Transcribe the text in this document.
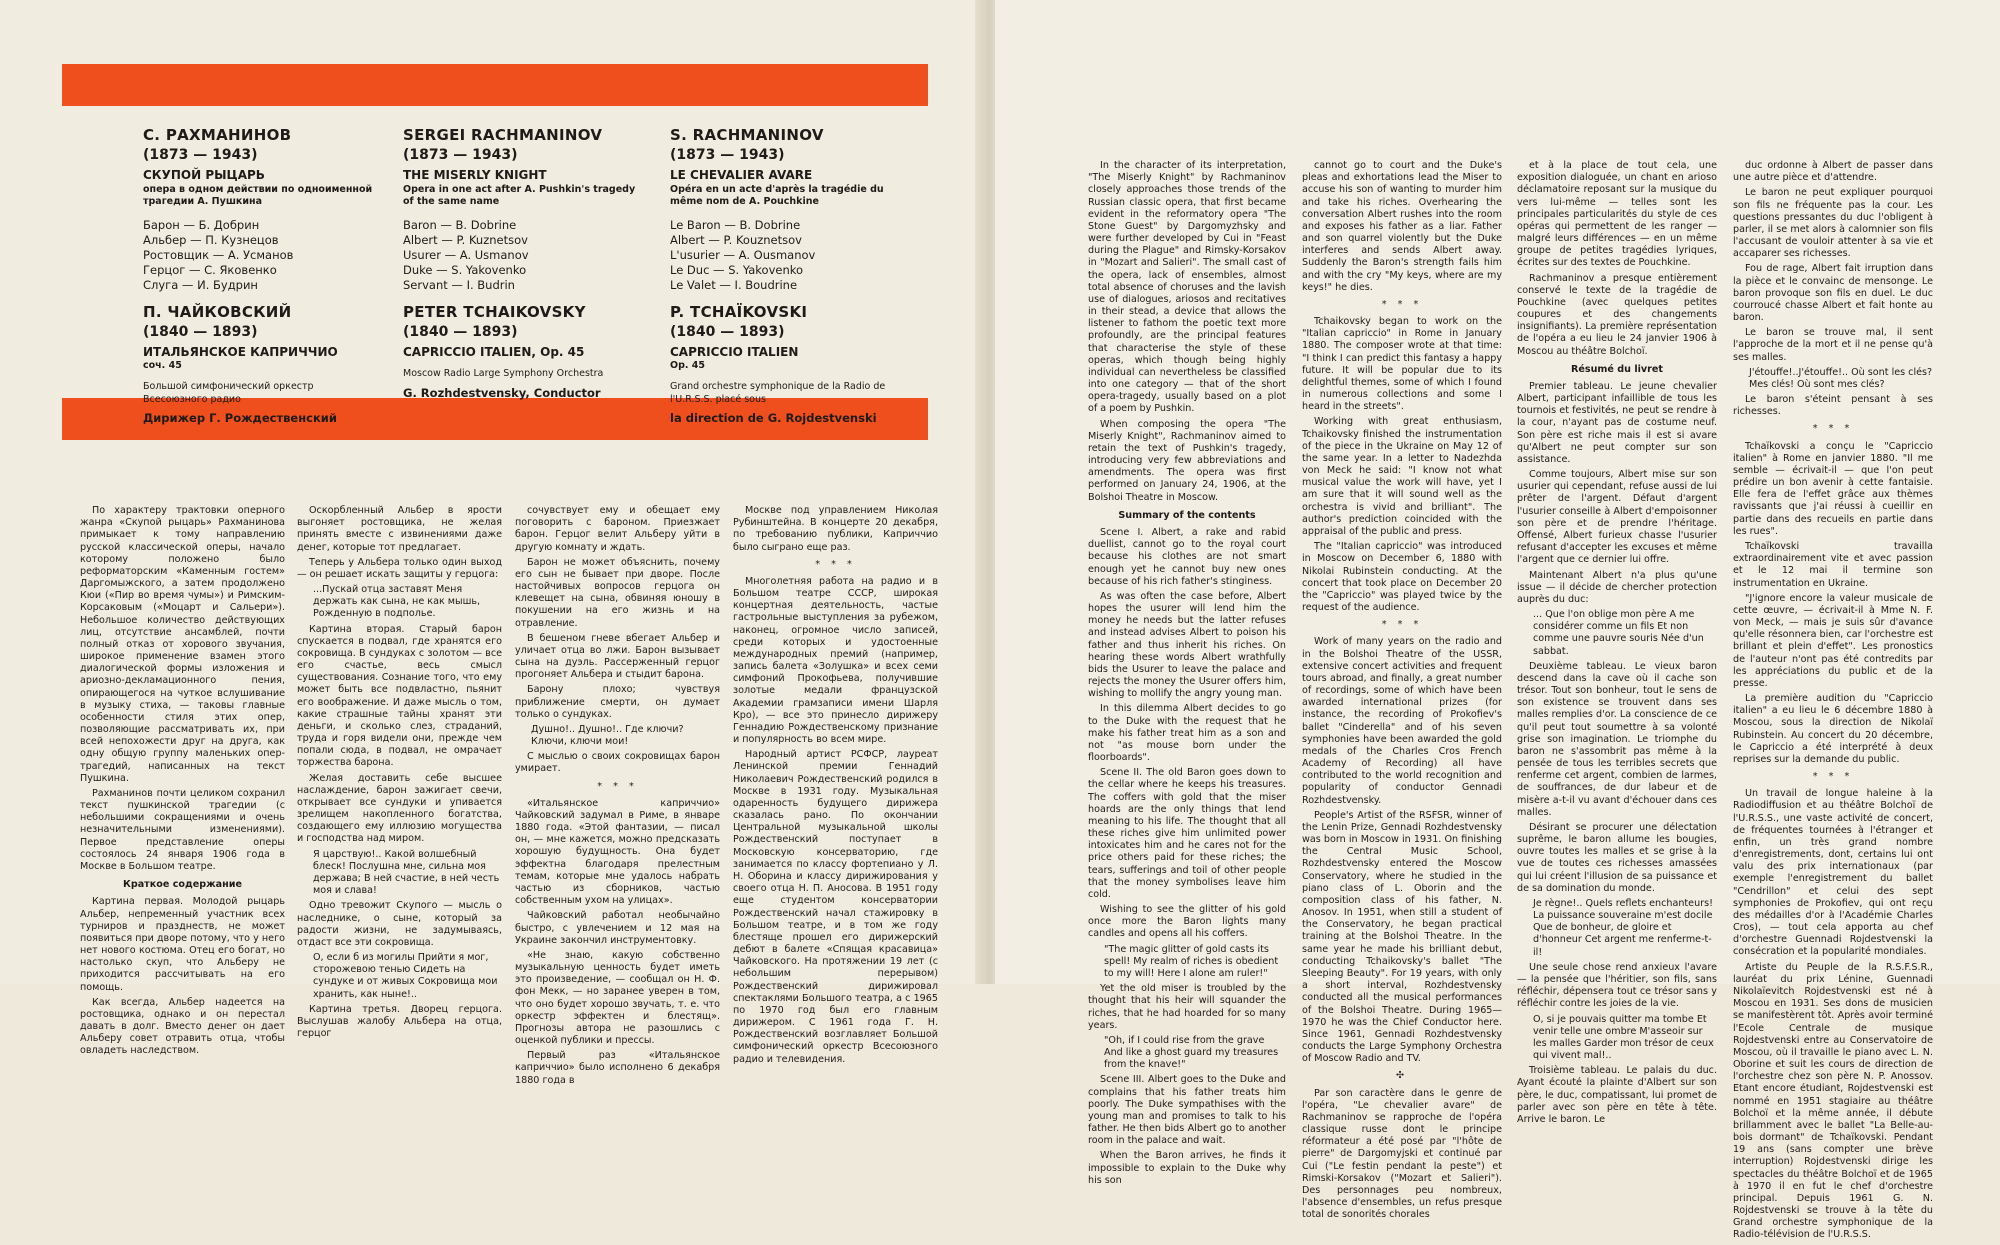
С. РАХМАНИНОВ
(1873 — 1943)
СКУПОЙ РЫЦАРЬ
опера в одном действии по одноименной трагедии А. Пушкина
Барон — Б. Добрин
Альбер — П. Кузнецов
Ростовщик — А. Усманов
Герцог — С. Яковенко
Слуга — И. Будрин
П. ЧАЙКОВСКИЙ
(1840 — 1893)
ИТАЛЬЯНСКОЕ КАПРИЧЧИО
соч. 45
Большой симфонический оркестр Всесоюзного радио
Дирижер Г. Рождественский
SERGEI RACHMANINOV
(1873 — 1943)
THE MISERLY KNIGHT
Opera in one act after A. Pushkin's tragedy of the same name
Baron — B. Dobrine
Albert — P. Kuznetsov
Usurer — A. Usmanov
Duke — S. Yakovenko
Servant — I. Budrin
PETER TCHAIKOVSKY
(1840 — 1893)
CAPRICCIO ITALIEN, Op. 45
Moscow Radio Large Symphony Orchestra
G. Rozhdestvensky, Conductor
S. RACHMANINOV
(1873 — 1943)
LE CHEVALIER AVARE
Opéra en un acte d'après la tragédie du même nom de A. Pouchkine
Le Baron — B. Dobrine
Albert — P. Kouznetsov
L'usurier — A. Ousmanov
Le Duc — S. Yakovenko
Le Valet — I. Boudrine
P. TCHAÏKOVSKI
(1840 — 1893)
CAPRICCIO ITALIEN
Op. 45
Grand orchestre symphonique de la Radio de l'U.R.S.S. placé sous
la direction de G. Rojdestvenski

По характеру трактовки оперного жанра «Скупой рыцарь» Рахманинова примыкает к тому направлению русской классической оперы, начало которому положено было реформаторским «Каменным гостем» Даргомыжского, а затем продолжено Кюи («Пир во время чумы») и Римским-Корсаковым («Моцарт и Сальери»). Небольшое количество действующих лиц, отсутствие ансамблей, почти полный отказ от хорового звучания, широкое применение взамен этого диалогической формы изложения и ариозно-декламационного пения, опирающегося на чуткое вслушивание в музыку стиха, — таковы главные особенности стиля этих опер, позволяющие рассматривать их, при всей непохожести друг на друга, как одну общую группу маленьких опер-трагедий, написанных на текст Пушкина.

Рахманинов почти целиком сохранил текст пушкинской трагедии (с небольшими сокращениями и очень незначительными изменениями). Первое представление оперы состоялось 24 января 1906 года в Москве в Большом театре.

Краткое содержание

Картина первая. Молодой рыцарь Альбер, непременный участник всех турниров и празднеств, не может появиться при дворе потому, что у него нет нового костюма. Отец его богат, но настолько скуп, что Альберу не приходится рассчитывать на его помощь.

Как всегда, Альбер надеется на ростовщика, однако и он перестал давать в долг. Вместо денег он дает Альберу совет отравить отца, чтобы овладеть наследством.

Оскорбленный Альбер в ярости выгоняет ростовщика, не желая принять вместе с извинениями даже денег, которые тот предлагает.

Теперь у Альбера только один выход — он решает искать защиты у герцога:

...Пускай отца заставят Меня держать как сына, не как мышь, Рожденную в подполье.

Картина вторая. Старый барон спускается в подвал, где хранятся его сокровища. В сундуках с золотом — все его счастье, весь смысл существования. Сознание того, что ему может быть все подвластно, пьянит его воображение. И даже мысль о том, какие страшные тайны хранят эти деньги, и сколько слез, страданий, труда и горя видели они, прежде чем попали сюда, в подвал, не омрачает торжества барона.

Желая доставить себе высшее наслаждение, барон зажигает свечи, открывает все сундуки и упивается зрелищем накопленного богатства, создающего ему иллюзию могущества и господства над миром.

Я царствую!.. Какой волшебный блеск! Послушна мне, сильна моя держава; В ней счастие, в ней честь моя и слава!

Одно тревожит Скупого — мысль о наследнике, о сыне, который за радости жизни, не задумываясь, отдаст все эти сокровища.

О, если б из могилы Прийти я мог, сторожевою тенью Сидеть на сундуке и от живых Сокровища мои хранить, как ныне!..

Картина третья. Дворец герцога. Выслушав жалобу Альбера на отца, герцог

сочувствует ему и обещает ему поговорить с бароном. Приезжает барон. Герцог велит Альберу уйти в другую комнату и ждать.

Барон не может объяснить, почему его сын не бывает при дворе. После настойчивых вопросов герцога он клевещет на сына, обвиняя юношу в покушении на его жизнь и на отравление.

В бешеном гневе вбегает Альбер и уличает отца во лжи. Барон вызывает сына на дуэль. Рассерженный герцог прогоняет Альбера и стыдит барона.

Барону плохо; чувствуя приближение смерти, он думает только о сундуках.

Душно!.. Душно!.. Где ключи? Ключи, ключи мои!

С мыслью о своих сокровищах барон умирает.

* * *

«Итальянское каприччио» Чайковский задумал в Риме, в январе 1880 года. «Этой фантазии, — писал он, — мне кажется, можно предсказать хорошую будущность. Она будет эффектна благодаря прелестным темам, которые мне удалось набрать частью из сборников, частью собственным ухом на улицах».

Чайковский работал необычайно быстро, с увлечением и 12 мая на Украине закончил инструментовку.

«Не знаю, какую собственно музыкальную ценность будет иметь это произведение, — сообщал он Н. Ф. фон Мекк, — но заранее уверен в том, что оно будет хорошо звучать, т. е. что оркестр эффектен и блестящ». Прогнозы автора не разошлись с оценкой публики и прессы.

Первый раз «Итальянское каприччио» было исполнено 6 декабря 1880 года в

In the character of its interpretation, "The Miserly Knight" by Rachmaninov closely approaches those trends of the Russian classic opera, that first became evident in the reformatory opera "The Stone Guest" by Dargomyzhsky and were further developed by Cui in "Feast during the Plague" and Rimsky-Korsakov in "Mozart and Salieri". The small cast of the opera, lack of ensembles, almost total absence of choruses and the lavish use of dialogues, ariosos and recitatives in their stead, a device that allows the listener to fathom the poetic text more profoundly, are the principal features that characterise the style of these operas, which though being highly individual can nevertheless be classified into one category — that of the short opera-tragedy, usually based on a plot of a poem by Pushkin.

When composing the opera "The Miserly Knight", Rachmaninov aimed to retain the text of Pushkin's tragedy, introducing very few abbreviations and amendments. The opera was first performed on January 24, 1906, at the Bolshoi Theatre in Moscow.

Summary of the contents

Scene I. Albert, a rake and rabid duellist, cannot go to the royal court because his clothes are not smart enough yet he cannot buy new ones because of his rich father's stinginess.

As was often the case before, Albert hopes the usurer will lend him the money he needs but the latter refuses and instead advises Albert to poison his father and thus inherit his riches. On hearing these words Albert wrathfully bids the Usurer to leave the palace and rejects the money the Usurer offers him, wishing to mollify the angry young man.

In this dilemma Albert decides to go to the Duke with the request that he make his father treat him as a son and not "as mouse born under the floorboards".

Scene II. The old Baron goes down to the cellar where he keeps his treasures. The coffers with gold that the miser hoards are the only things that lend meaning to his life. The thought that all these riches give him unlimited power intoxicates him and he cares not for the price others paid for these riches; the tears, sufferings and toil of other people that the money symbolises leave him cold.

Wishing to see the glitter of his gold once more the Baron lights many candles and opens all his coffers.

"The magic glitter of gold casts its spell! My realm of riches is obedient to my will! Here I alone am ruler!"

Yet the old miser is troubled by the thought that his heir will squander the riches, that he had hoarded for so many years.

"Oh, if I could rise from the grave And like a ghost guard my treasures from the knave!"

Scene III. Albert goes to the Duke and complains that his father treats him poorly. The Duke sympathises with the young man and promises to talk to his father. He then bids Albert go to another room in the palace and wait.

When the Baron arrives, he finds it impossible to explain to the Duke why his son

cannot go to court and the Duke's pleas and exhortations lead the Miser to accuse his son of wanting to murder him and take his riches. Overhearing the conversation Albert rushes into the room and exposes his father as a liar. Father and son quarrel violently but the Duke interferes and sends Albert away. Suddenly the Baron's strength fails him and with the cry "My keys, where are my keys!" he dies.

* * *

Tchaikovsky began to work on the "Italian capriccio" in Rome in January 1880. The composer wrote at that time: "I think I can predict this fantasy a happy future. It will be popular due to its delightful themes, some of which I found in numerous collections and some I heard in the streets".

Working with great enthusiasm, Tchaikovsky finished the instrumentation of the piece in the Ukraine on May 12 of the same year. In a letter to Nadezhda von Meck he said: "I know not what musical value the work will have, yet I am sure that it will sound well as the orchestra is vivid and brilliant". The author's prediction coincided with the appraisal of the public and press.

The "Italian capriccio" was introduced in Moscow on December 6, 1880 with Nikolai Rubinstein conducting. At the concert that took place on December 20 the "Capriccio" was played twice by the request of the audience.

* * *

Work of many years on the radio and in the Bolshoi Theatre of the USSR, extensive concert activities and frequent tours abroad, and finally, a great number of recordings, some of which have been awarded international prizes (for instance, the recording of Prokofiev's ballet "Cinderella" and of his seven symphonies have been awarded the gold medals of the Charles Cros French Academy of Recording) all have contributed to the world recognition and popularity of conductor Gennadi Rozhdestvensky.

People's Artist of the RSFSR, winner of the Lenin Prize, Gennadi Rozhdestvensky was born in Moscow in 1931. On finishing the Central Music School, Rozhdestvensky entered the Moscow Conservatory, where he studied in the piano class of L. Oborin and the composition class of his father, N. Anosov. In 1951, when still a student of the Conservatory, he began practical training at the Bolshoi Theatre. In the same year he made his brilliant debut, conducting Tchaikovsky's ballet "The Sleeping Beauty". For 19 years, with only a short interval, Rozhdestvensky conducted all the musical performances of the Bolshoi Theatre. During 1965—1970 he was the Chief Conductor here. Since 1961, Gennadi Rozhdestvensky conducts the Large Symphony Orchestra of Moscow Radio and TV.

✣

Par son caractère dans le genre de l'opéra, "Le chevalier avare" de Rachmaninov se rapproche de l'opéra classique russe dont le principe réformateur a été posé par "l'hôte de pierre" de Dargomyjski et continué par Cui ("Le festin pendant la peste") et Rimski-Korsakov ("Mozart et Salieri"). Des personnages peu nombreux, l'absence d'ensembles, un refus presque total de sonorités chorales

et à la place de tout cela, une exposition dialoguée, un chant en arioso déclamatoire reposant sur la musique du vers lui-même — telles sont les principales particularités du style de ces opéras qui permettent de les ranger — malgré leurs différences — en un même groupe de petites tragédies lyriques, écrites sur des textes de Pouchkine.

Rachmaninov a presque entièrement conservé le texte de la tragédie de Pouchkine (avec quelques petites coupures et des changements insignifiants). La première représentation de l'opéra a eu lieu le 24 janvier 1906 à Moscou au théâtre Bolchoï.

Résumé du livret

Premier tableau. Le jeune chevalier Albert, participant infaillible de tous les tournois et festivités, ne peut se rendre à la cour, n'ayant pas de costume neuf. Son père est riche mais il est si avare qu'Albert ne peut compter sur son assistance.

Comme toujours, Albert mise sur son usurier qui cependant, refuse aussi de lui prêter de l'argent. Défaut d'argent l'usurier conseille à Albert d'empoisonner son père et de prendre l'héritage. Offensé, Albert furieux chasse l'usurier refusant d'accepter les excuses et même l'argent que ce dernier lui offre.

Maintenant Albert n'a plus qu'une issue — il décide de chercher protection auprès du duc:

... Que l'on oblige mon père A me considérer comme un fils Et non comme une pauvre souris Née d'un sabbat.

Deuxième tableau. Le vieux baron descend dans la cave où il cache son trésor. Tout son bonheur, tout le sens de son existence se trouvent dans ses malles remplies d'or. La conscience de ce qu'il peut tout soumettre à sa volonté grise son imagination. Le triomphe du baron ne s'assombrit pas même à la pensée de tous les terribles secrets que renferme cet argent, combien de larmes, de souffrances, de dur labeur et de misère a-t-il vu avant d'échouer dans ces malles.

Désirant se procurer une délectation suprême, le baron allume les bougies, ouvre toutes les malles et se grise à la vue de toutes ces richesses amassées qui lui créent l'illusion de sa puissance et de sa domination du monde.

Je règne!.. Quels reflets enchanteurs! La puissance souveraine m'est docile Que de bonheur, de gloire et d'honneur Cet argent me renferme-t-il!

Une seule chose rend anxieux l'avare — la pensée que l'héritier, son fils, sans réfléchir, dépensera tout ce trésor sans y réfléchir contre les joies de la vie.

O, si je pouvais quitter ma tombe Et venir telle une ombre M'asseoir sur les malles Garder mon trésor de ceux qui vivent mal!..

Troisième tableau. Le palais du duc. Ayant écouté la plainte d'Albert sur son père, le duc, compatissant, lui promet de parler avec son père en tête à tête. Arrive le baron. Le

duc ordonne à Albert de passer dans une autre pièce et d'attendre.

Le baron ne peut expliquer pourquoi son fils ne fréquente pas la cour. Les questions pressantes du duc l'obligent à parler, il se met alors à calomnier son fils l'accusant de vouloir attenter à sa vie et accaparer ses richesses.

Fou de rage, Albert fait irruption dans la pièce et le convainc de mensonge. Le baron provoque son fils en duel. Le duc courroucé chasse Albert et fait honte au baron.

Le baron se trouve mal, il sent l'approche de la mort et il ne pense qu'à ses malles.

J'étouffe!..J'étouffe!.. Où sont les clés? Mes clés! Où sont mes clés?

Le baron s'éteint pensant à ses richesses.

* * *

Tchaïkovski a conçu le "Capriccio italien" à Rome en janvier 1880. "Il me semble — écrivait-il — que l'on peut prédire un bon avenir à cette fantaisie. Elle fera de l'effet grâce aux thèmes ravissants que j'ai réussi à cueillir en partie dans des recueils en partie dans les rues".

Tchaïkovski travailla extraordinairement vite et avec passion et le 12 mai il termine son instrumentation en Ukraine.

"J'ignore encore la valeur musicale de cette œuvre, — écrivait-il à Mme N. F. von Meck, — mais je suis sûr d'avance qu'elle résonnera bien, car l'orchestre est brillant et plein d'effet". Les pronostics de l'auteur n'ont pas été contredits par les appréciations du public et de la presse.

La première audition du "Capriccio italien" a eu lieu le 6 décembre 1880 à Moscou, sous la direction de Nikolaï Rubinstein. Au concert du 20 décembre, le Capriccio a été interprété à deux reprises sur la demande du public.

* * *

Un travail de longue haleine à la Radiodiffusion et au théâtre Bolchoï de l'U.R.S.S., une vaste activité de concert, de fréquentes tournées à l'étranger et enfin, un très grand nombre d'enregistrements, dont, certains lui ont valu des prix internationaux (par exemple l'enregistrement du ballet "Cendrillon" et celui des sept symphonies de Prokofiev, qui ont reçu des médailles d'or à l'Académie Charles Cros), — tout cela apporta au chef d'orchestre Guennadi Rojdestvenski la consécration et la popularité mondiales.

Artiste du Peuple de la R.S.F.S.R., lauréat du prix Lénine, Guennadi Nikolaïevitch Rojdestvenski est né à Moscou en 1931. Ses dons de musicien se manifestèrent tôt. Après avoir terminé l'Ecole Centrale de musique Rojdestvenski entre au Conservatoire de Moscou, où il travaille le piano avec L. N. Oborine et suit les cours de direction de l'orchestre chez son père N. P. Anossov. Etant encore étudiant, Rojdestvenski est nommé en 1951 stagiaire au théâtre Bolchoï et la même année, il débute brillamment avec le ballet "La Belle-au-bois dormant" de Tchaïkovski. Pendant 19 ans (sans compter une brève interruption) Rojdestvenski dirige les spectacles du théâtre Bolchoï et de 1965 à 1970 il en fut le chef d'orchestre principal. Depuis 1961 G. N. Rojdestvenski se trouve à la tête du Grand orchestre symphonique de la Radio-télévision de l'U.R.S.S.

Москве под управлением Николая Рубинштейна. В концерте 20 декабря, по требованию публики, Каприччио было сыграно еще раз.

* * *

Многолетняя работа на радио и в Большом театре СССР, широкая концертная деятельность, частые гастрольные выступления за рубежом, наконец, огромное число записей, среди которых и удостоенные международных премий (например, запись балета «Золушка» и всех семи симфоний Прокофьева, получившие золотые медали французской Академии грамзаписи имени Шарля Кро), — все это принесло дирижеру Геннадию Рождественскому признание и популярность во всем мире.

Народный артист РСФСР, лауреат Ленинской премии Геннадий Николаевич Рождественский родился в Москве в 1931 году. Музыкальная одаренность будущего дирижера сказалась рано. По окончании Центральной музыкальной школы Рождественский поступает в Московскую консерваторию, где занимается по классу фортепиано у Л. Н. Оборина и классу дирижирования у своего отца Н. П. Аносова. В 1951 году еще студентом консерватории Рождественский начал стажировку в Большом театре, и в том же году блестяще прошел его дирижерский дебют в балете «Спящая красавица» Чайковского. На протяжении 19 лет (с небольшим перерывом) Рождественский дирижировал спектаклями Большого театра, а с 1965 по 1970 год был его главным дирижером. С 1961 года Г. Н. Рождественский возглавляет Большой симфонический оркестр Всесоюзного радио и телевидения.
